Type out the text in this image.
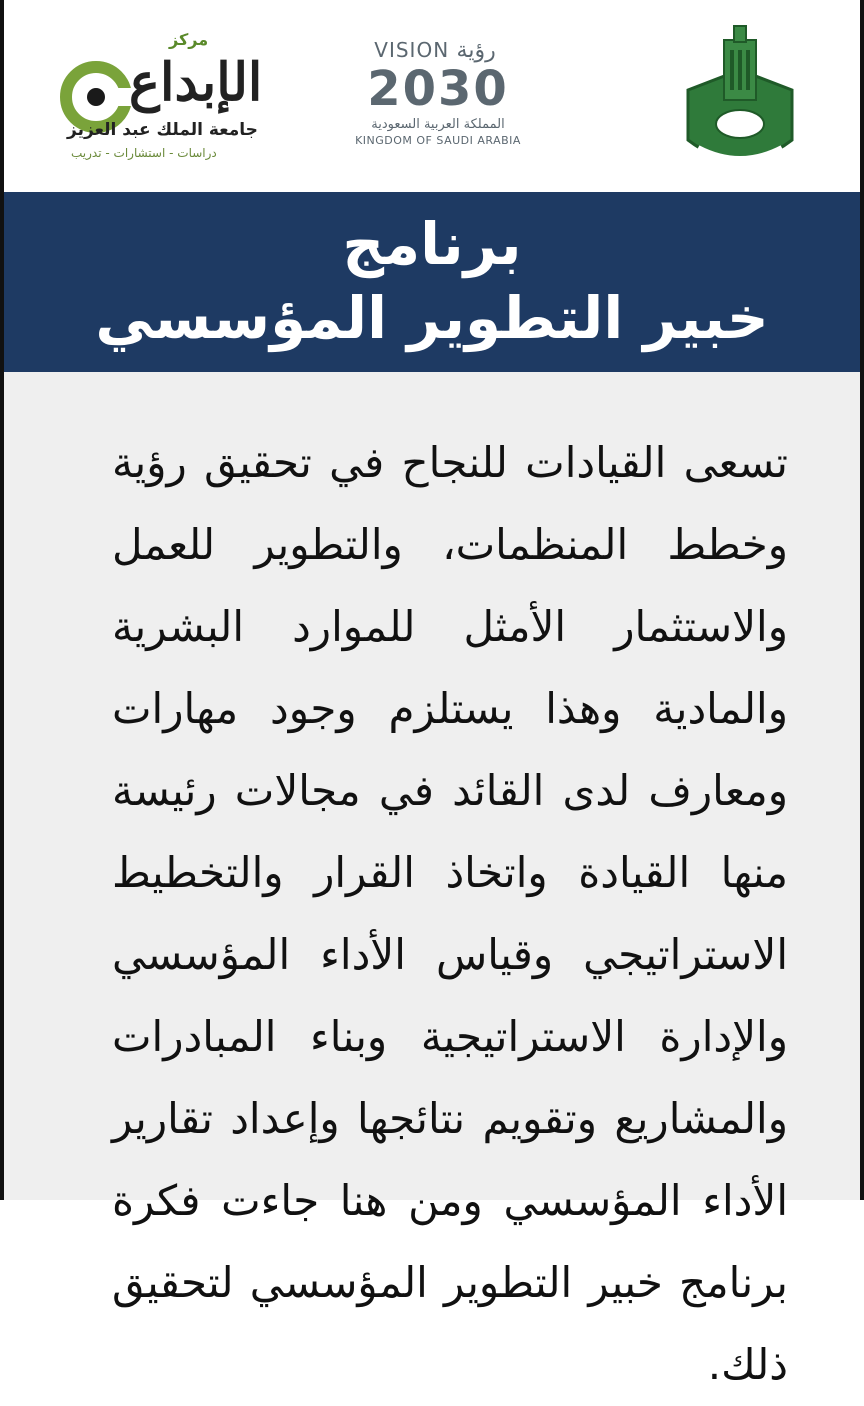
مركز
الإبداع
جامعة الملك عبد العزيز
دراسات - استشارات - تدريب
VISION رؤية
2030
المملكة العربية السعودية
KINGDOM OF SAUDI ARABIA
برنامج
خبير التطوير المؤسسي
تسعى القيادات للنجاح في تحقيق رؤية وخطط المنظمات، والتطوير للعمل والاستثمار الأمثل للموارد البشرية والمادية وهذا يستلزم وجود مهارات ومعارف لدى القائد في مجالات رئيسة منها القيادة واتخاذ القرار والتخطيط الاستراتيجي وقياس الأداء المؤسسي والإدارة الاستراتيجية وبناء المبادرات والمشاريع وتقويم نتائجها وإعداد تقارير الأداء المؤسسي ومن هنا جاءت فكرة برنامج خبير التطوير المؤسسي لتحقيق ذلك.
